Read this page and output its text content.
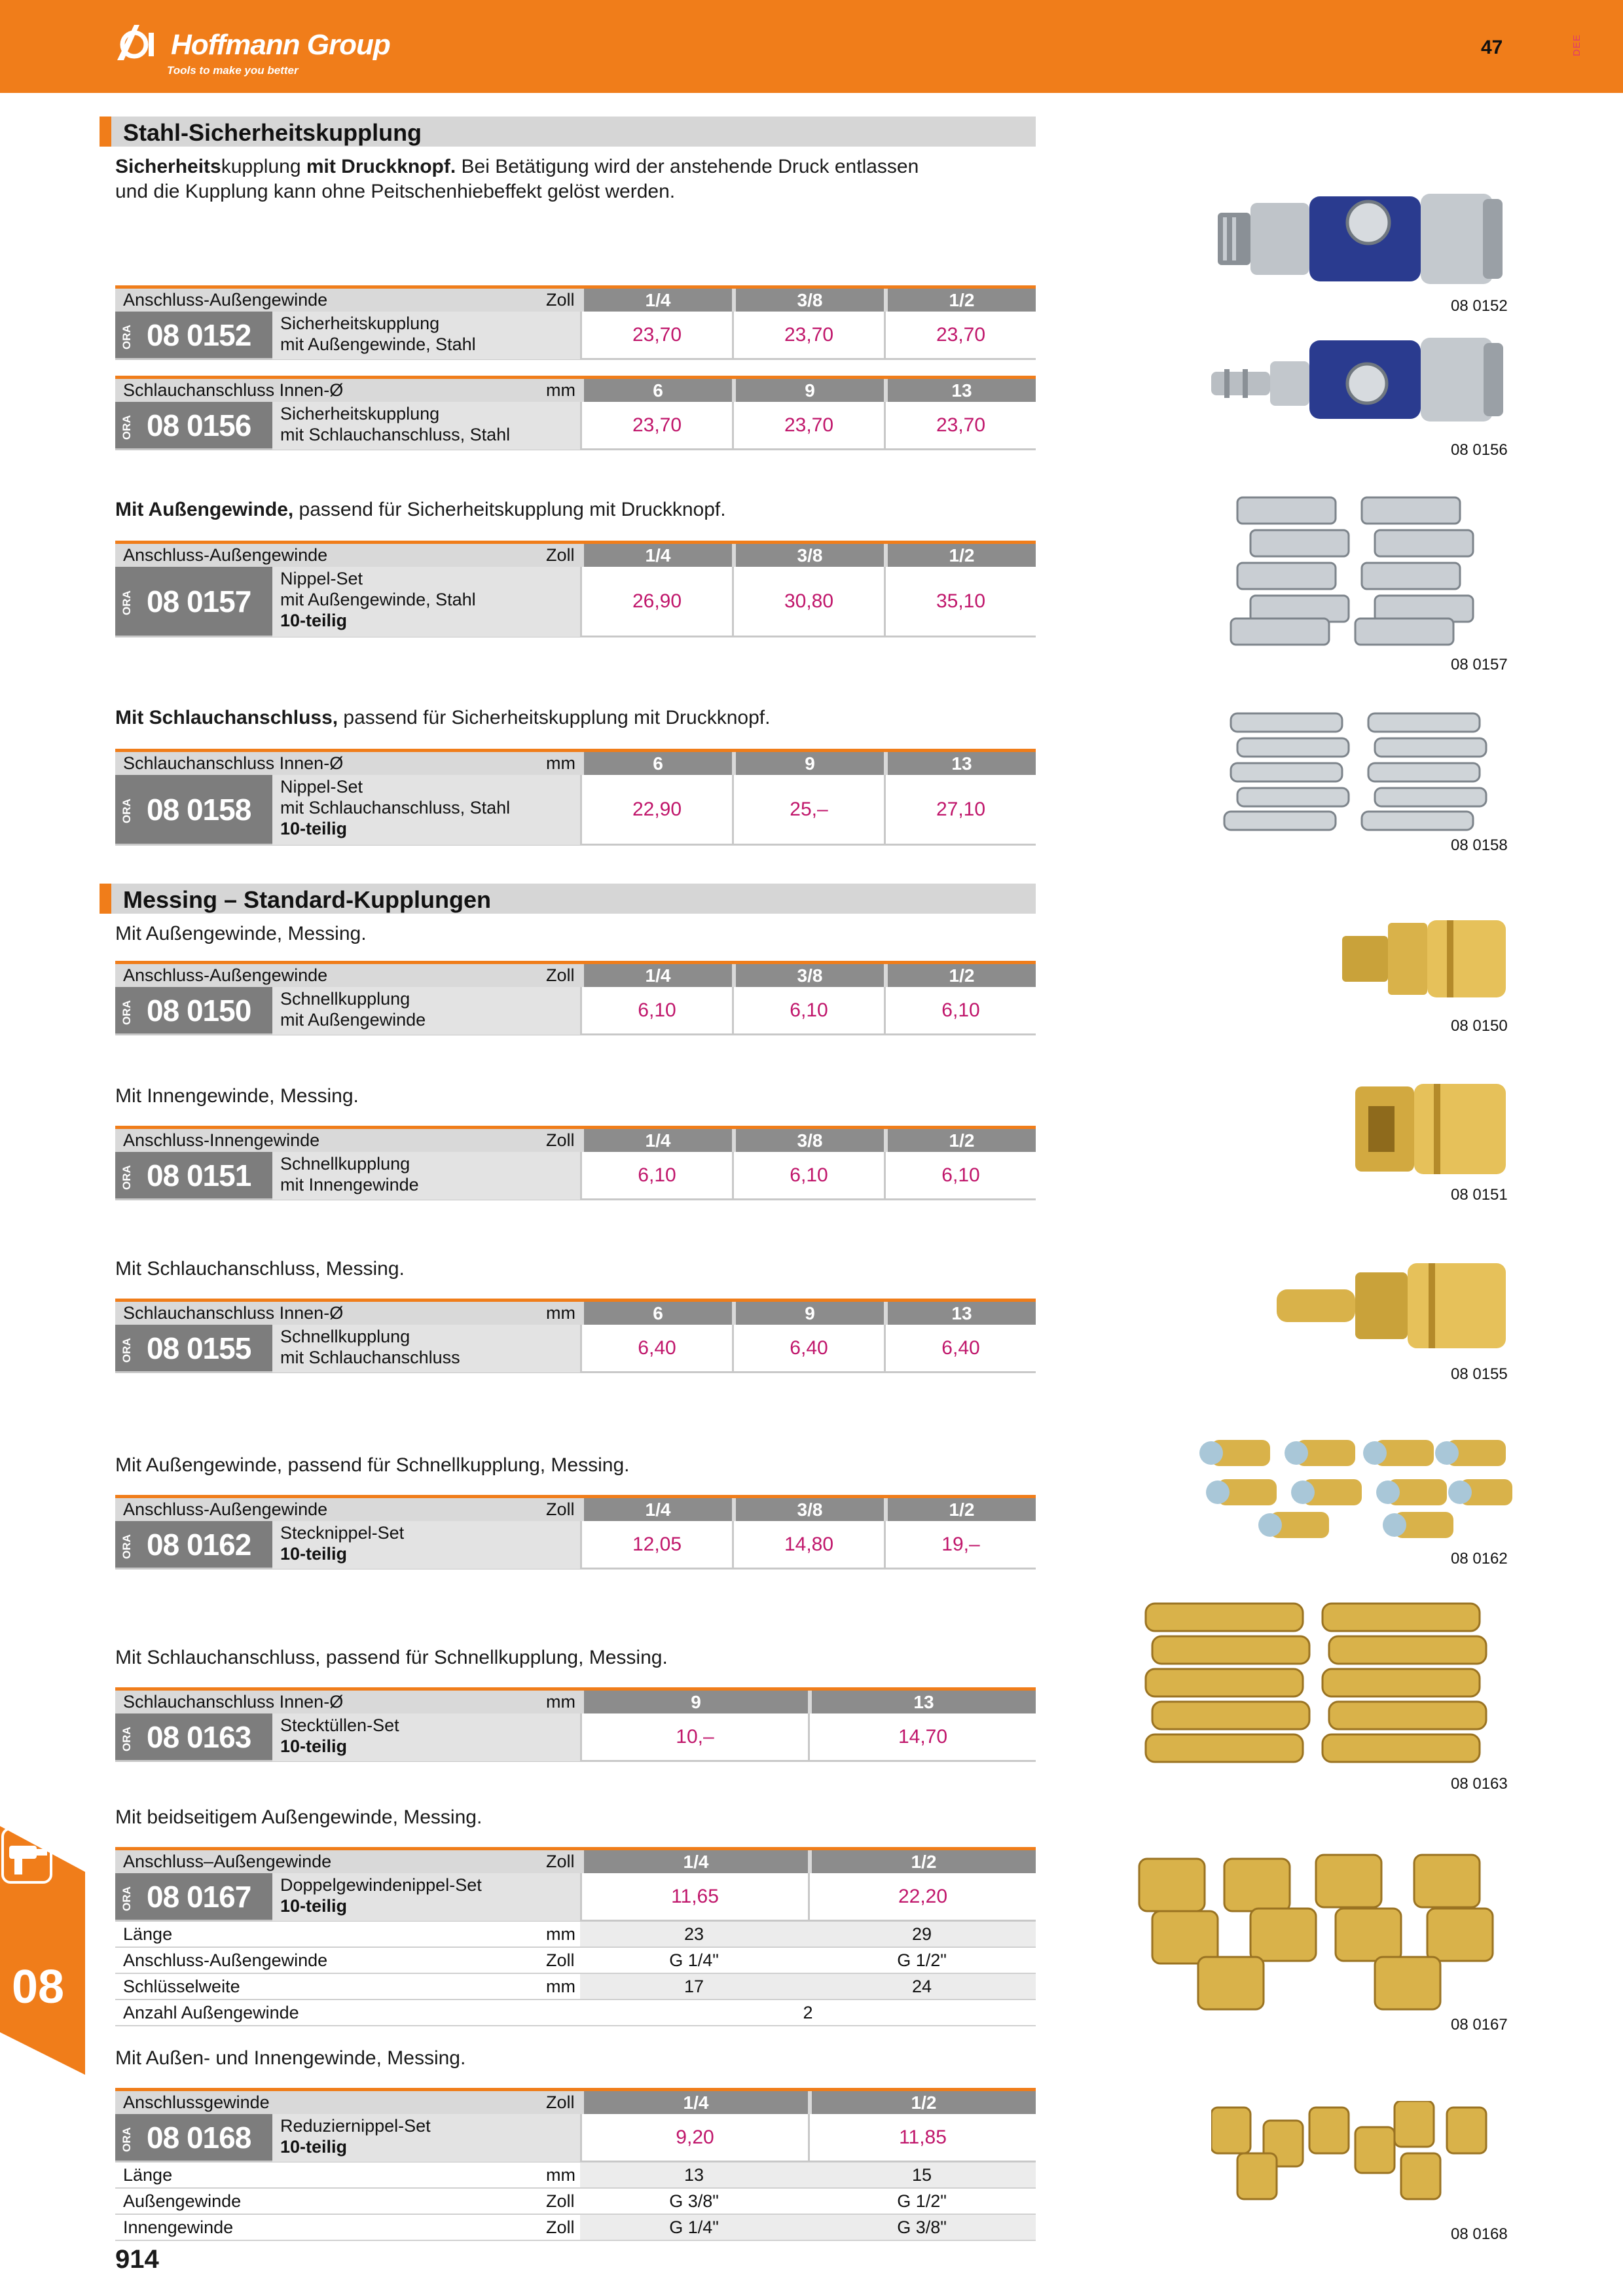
Hoffmann Group
Tools to make you better
47	DEE
08
Stahl-Sicherheitskupplung
Sicherheitskupplung mit Druckknopf. Bei Betätigung wird der anstehende Druck entlassen
und die Kupplung kann ohne Peitschenhiebeffekt gelöst werden.
Anschluss-Außengewinde	Zoll	1/4	3/8	1/2
ORA 08 0152	Sicherheitskupplung
mit Außengewinde, Stahl	23,70	23,70	23,70
Schlauchanschluss Innen-Ø	mm	6	9	13
ORA 08 0156	Sicherheitskupplung
mit Schlauchanschluss, Stahl	23,70	23,70	23,70
Mit Außengewinde, passend für Sicherheitskupplung mit Druckknopf.
Anschluss-Außengewinde	Zoll	1/4	3/8	1/2
ORA 08 0157
Nippel-Set
mit Außengewinde, Stahl
10-teilig
26,90	30,80	35,10
Mit Schlauchanschluss, passend für Sicherheitskupplung mit Druckknopf.
Schlauchanschluss Innen-Ø	mm	6	9	13
ORA 08 0158
Nippel-Set
mit Schlauchanschluss, Stahl
10-teilig
22,90	25,–	27,10
Messing – Standard-Kupplungen
Mit Außengewinde, Messing.
Anschluss-Außengewinde	Zoll	1/4	3/8	1/2
ORA 08 0150	Schnellkupplung
mit Außengewinde	6,10	6,10	6,10
Mit Innengewinde, Messing.
Anschluss-Innengewinde	Zoll	1/4	3/8	1/2
ORA 08 0151	Schnellkupplung
mit Innengewinde	6,10	6,10	6,10
Mit Schlauchanschluss, Messing.
Schlauchanschluss Innen-Ø	mm	6	9	13
ORA 08 0155	Schnellkupplung
mit Schlauchanschluss	6,40	6,40	6,40
Mit Außengewinde, passend für Schnellkupplung, Messing.
Anschluss-Außengewinde	Zoll	1/4	3/8	1/2
ORA 08 0162	Stecknippel-Set
10-teilig	12,05	14,80	19,–
Mit Schlauchanschluss, passend für Schnellkupplung, Messing.
Schlauchanschluss Innen-Ø	mm	9	13
ORA 08 0163	Stecktüllen-Set
10-teilig	10,–	14,70
Mit beidseitigem Außengewinde, Messing.
Anschluss–Außengewinde	Zoll	1/4	1/2
ORA 08 0167	Doppelgewindenippel-Set
10-teilig	11,65	22,20
Länge	mm	23	29
Anschluss-Außengewinde	Zoll	G 1/4"	G 1/2"
Schlüsselweite	mm	17	24
Anzahl Außengewinde	2
Mit Außen- und Innengewinde, Messing.
Anschlussgewinde	Zoll	1/4	1/2
ORA 08 0168	Reduziernippel-Set
10-teilig	9,20	11,85
Länge	mm	13	15
Außengewinde	Zoll	G 3/8"	G 1/2"
Innengewinde	Zoll	G 1/4"	G 3/8"
08 0152
08 0156
08 0157
08 0158
08 0150
08 0151
08 0155
08 0162
08 0163
08 0167
08 0168
914
